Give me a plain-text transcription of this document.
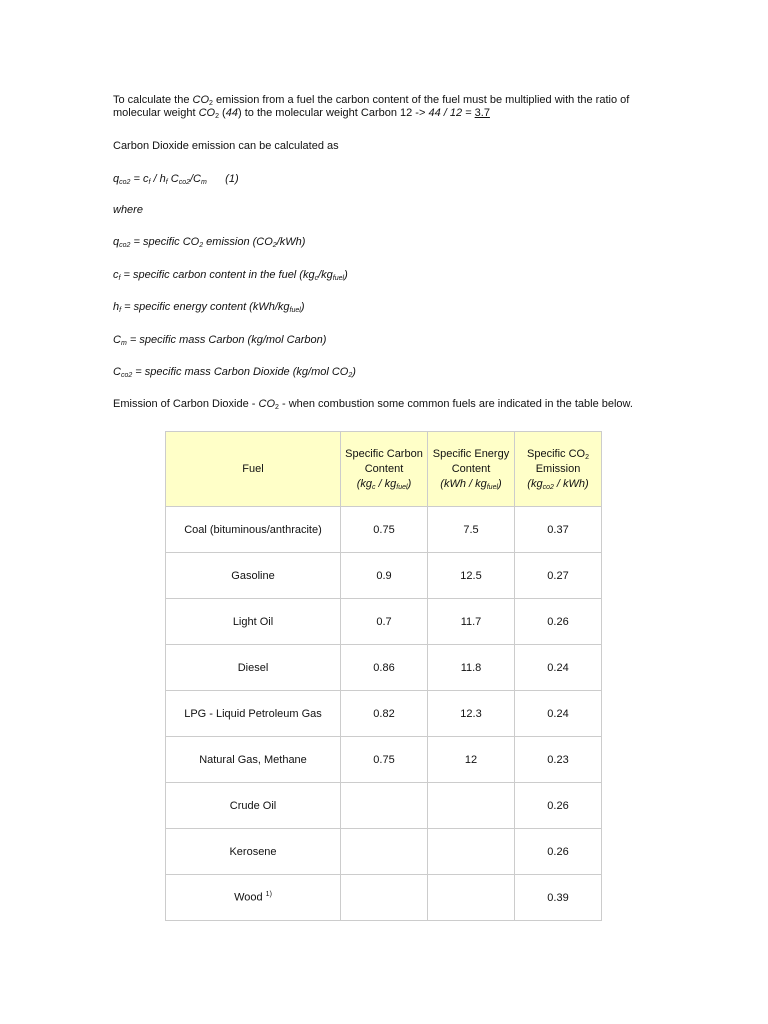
To calculate the $CO_2$ emission from a fuel the carbon content of the fuel must be multiplied with the ratio of molecular weight $CO_2$ (44) to the molecular weight Carbon 12 -> 44 / 12 = 3.7

Carbon Dioxide emission can be calculated as

$q_{co2} = c_f / h_f$ $C_{co2}/C_m$ (1)

where

$q_{co2}$ = specific $CO_2$ emission $(CO_2/kWh)$

$c_f$ = specific carbon content in the fuel $(kg_c/kg_{fuel})$

$h_f$ = specific energy content $(kWh/kg_{fuel})$

$C_m$ = specific mass Carbon (kg/mol Carbon)

$C_{co2}$ = specific mass Carbon Dioxide (kg/mol $CO_2$)

Emission of Carbon Dioxide - $CO_2$ - when combustion some common fuels are indicated in the table below.

Fuel	Specific Carbon
Content
$(kg_c / kg_{fuel})$	Specific Energy
Content
$(kWh / kg_{fuel})$	Specific $CO_2$
Emission
$(kg_{co2} / kWh)$
Coal (bituminous/anthracite)	0.75	7.5	0.37
Gasoline	0.9	12.5	0.27
Light Oil	0.7	11.7	0.26
Diesel	0.86	11.8	0.24
LPG - Liquid Petroleum Gas	0.82	12.3	0.24
Natural Gas, Methane	0.75	12	0.23
Crude Oil			0.26
Kerosene			0.26
Wood $^{1)}$			0.39
